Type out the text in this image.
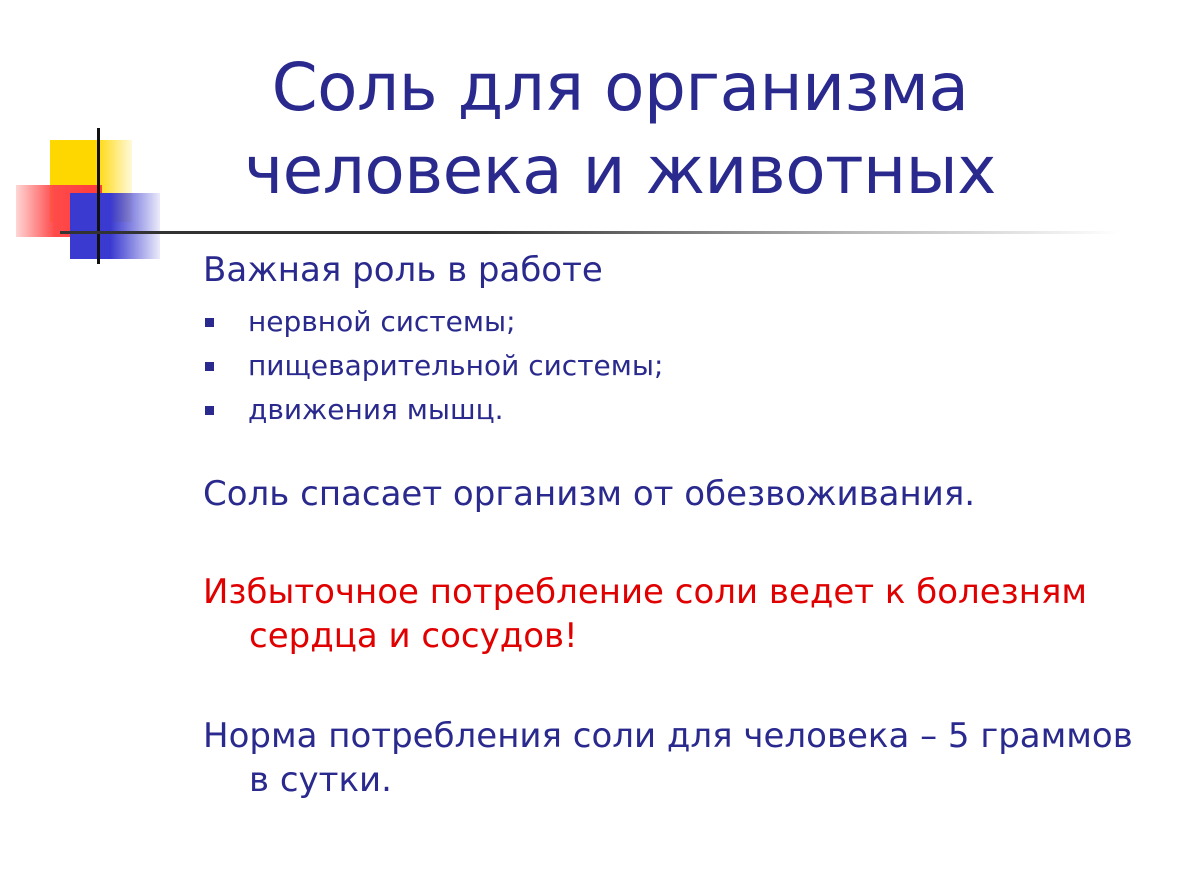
Соль для организма
человека и животных

Важная роль в работе

нервной системы;
пищеварительной системы;
движения мышц.

Соль спасает организм от обезвоживания.

Избыточное потребление соли ведет к болезням сердца и сосудов!

Норма потребления соли для человека – 5 граммов в сутки.
